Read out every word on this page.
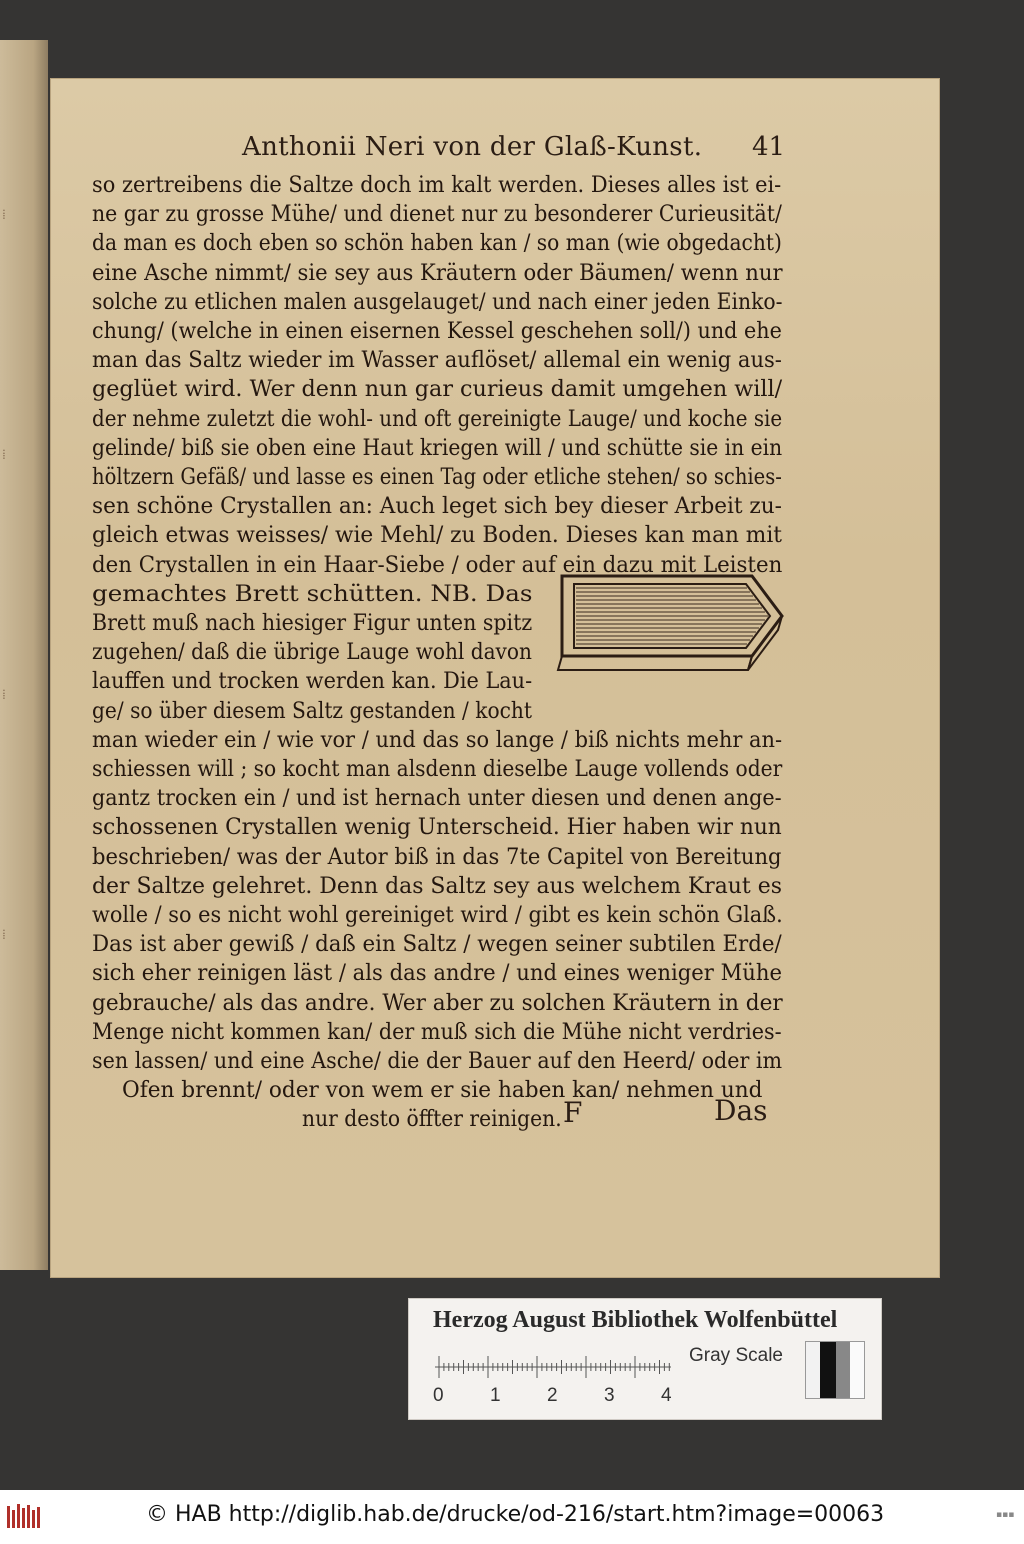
⁞
⁞
⁞
⁞
Anthonii Neri von der Glaß-Kunst. 41
so zertreibens die Saltze doch im kalt werden. Dieses alles ist ei-
ne gar zu grosse Mühe/ und dienet nur zu besonderer Curieusität/
da man es doch eben so schön haben kan / so man (wie obgedacht)
eine Asche nimmt/ sie sey aus Kräutern oder Bäumen/ wenn nur
solche zu etlichen malen ausgelauget/ und nach einer jeden Einko-
chung/ (welche in einen eisernen Kessel geschehen soll/) und ehe
man das Saltz wieder im Wasser auflöset/ allemal ein wenig aus-
geglüet wird. Wer denn nun gar curieus damit umgehen will/
der nehme zuletzt die wohl- und oft gereinigte Lauge/ und koche sie
gelinde/ biß sie oben eine Haut kriegen will / und schütte sie in ein
höltzern Gefäß/ und lasse es einen Tag oder etliche stehen/ so schies-
sen schöne Crystallen an: Auch leget sich bey dieser Arbeit zu-
gleich etwas weisses/ wie Mehl/ zu Boden. Dieses kan man mit
den Crystallen in ein Haar-Siebe / oder auf ein dazu mit Leisten
gemachtes Brett schütten. NB. Das
Brett muß nach hiesiger Figur unten spitz
zugehen/ daß die übrige Lauge wohl davon
lauffen und trocken werden kan. Die Lau-
ge/ so über diesem Saltz gestanden / kocht
man wieder ein / wie vor / und das so lange / biß nichts mehr an-
schiessen will ; so kocht man alsdenn dieselbe Lauge vollends oder
gantz trocken ein / und ist hernach unter diesen und denen ange-
schossenen Crystallen wenig Unterscheid. Hier haben wir nun
beschrieben/ was der Autor biß in das 7te Capitel von Bereitung
der Saltze gelehret. Denn das Saltz sey aus welchem Kraut es
wolle / so es nicht wohl gereiniget wird / gibt es kein schön Glaß.
Das ist aber gewiß / daß ein Saltz / wegen seiner subtilen Erde/
sich eher reinigen läst / als das andre / und eines weniger Mühe
gebrauche/ als das andre. Wer aber zu solchen Kräutern in der
Menge nicht kommen kan/ der muß sich die Mühe nicht verdries-
sen lassen/ und eine Asche/ die der Bauer auf den Heerd/ oder im
Ofen brennt/ oder von wem er sie haben kan/ nehmen und
nur desto öffter reinigen. F	Das
Herzog August Bibliothek Wolfenbüttel
0 1 2 3 4
Gray Scale
© HAB http://diglib.hab.de/drucke/od-216/start.htm?image=00063	▪▪▪
